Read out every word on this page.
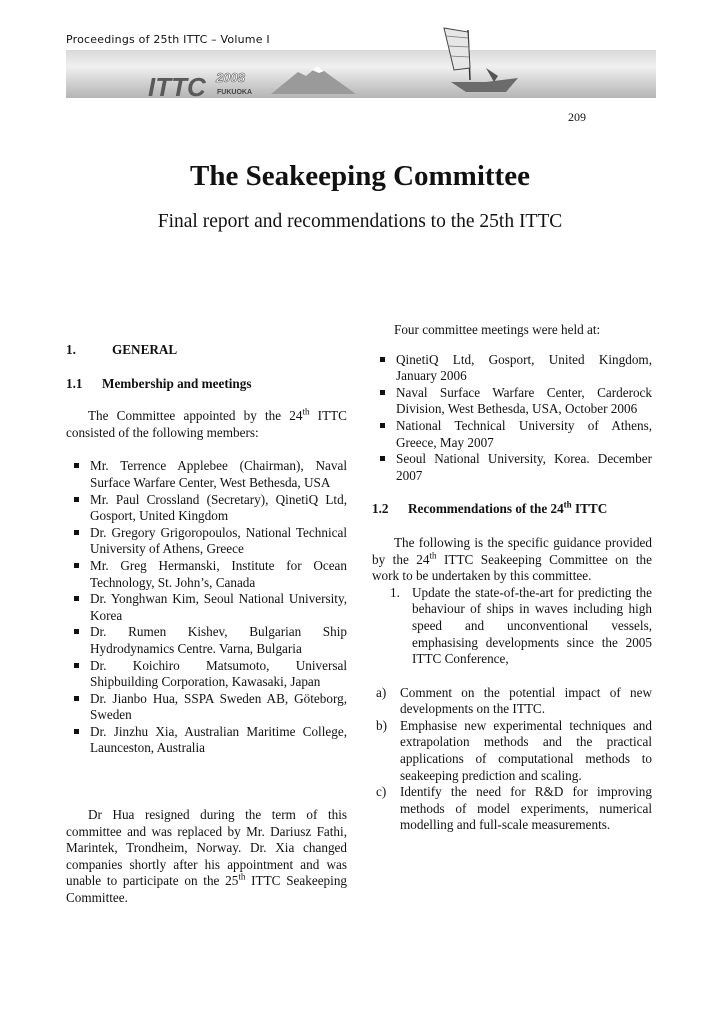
Proceedings of 25th ITTC – Volume I
ITTC 2008
FUKUOKA
209
The Seakeeping Committee
Final report and recommendations to the 25th ITTC
1.	GENERAL
1.1	Membership and meetings

The Committee appointed by the 24th ITTC consisted of the following members:

Mr. Terrence Applebee (Chairman), Naval Surface Warfare Center, West Bethesda, USA
Mr. Paul Crossland (Secretary), QinetiQ Ltd, Gosport, United Kingdom
Dr. Gregory Grigoropoulos, National Technical University of Athens, Greece
Mr. Greg Hermanski, Institute for Ocean Technology, St. John’s, Canada
Dr. Yonghwan Kim, Seoul National University, Korea
Dr. Rumen Kishev, Bulgarian Ship Hydrodynamics Centre. Varna, Bulgaria
Dr. Koichiro Matsumoto, Universal Shipbuilding Corporation, Kawasaki, Japan
Dr. Jianbo Hua, SSPA Sweden AB, Göteborg, Sweden
Dr. Jinzhu Xia, Australian Maritime College, Launceston, Australia

Dr Hua resigned during the term of this committee and was replaced by Mr. Dariusz Fathi, Marintek, Trondheim, Norway. Dr. Xia changed companies shortly after his appointment and was unable to participate on the 25th ITTC Seakeeping Committee.

Four committee meetings were held at:

QinetiQ Ltd, Gosport, United Kingdom, January 2006
Naval Surface Warfare Center, Carderock Division, West Bethesda, USA, October 2006
National Technical University of Athens, Greece, May 2007
Seoul National University, Korea. December 2007
1.2	Recommendations of the 24th ITTC

The following is the specific guidance provided by the 24th ITTC Seakeeping Committee on the work to be undertaken by this committee.

1. Update the state-of-the-art for predicting the behaviour of ships in waves including high speed and unconventional vessels, emphasising developments since the 2005 ITTC Conference,
a)	Comment on the potential impact of new developments on the ITTC.
b) Emphasise new experimental techniques and extrapolation methods and the practical applications of computational methods to seakeeping prediction and scaling.
c)	Identify the need for R&D for improving methods of model experiments, numerical modelling and full-scale measurements.
